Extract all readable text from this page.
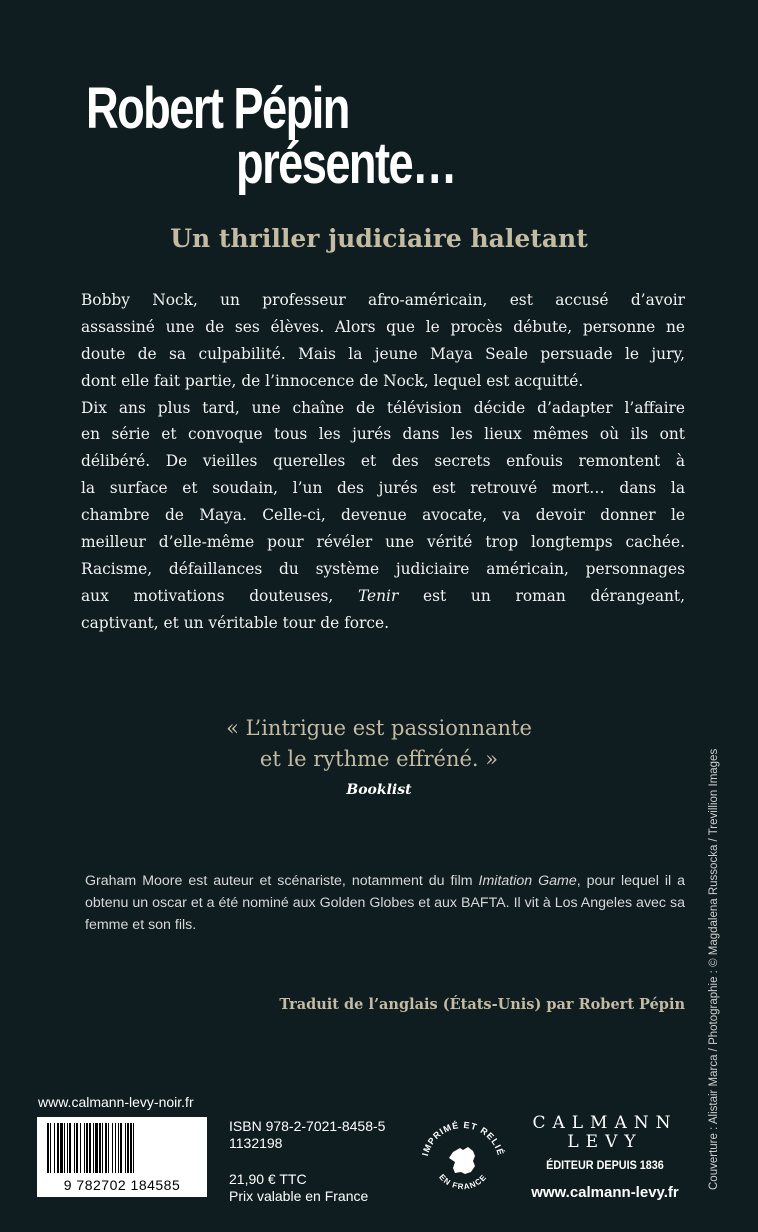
Robert Pépin
présente…
Un thriller judiciaire haletant
Bobby Nock, un professeur afro-américain, est accusé d’avoir
assassiné une de ses élèves. Alors que le procès débute, personne ne
doute de sa culpabilité. Mais la jeune Maya Seale persuade le jury,
dont elle fait partie, de l’innocence de Nock, lequel est acquitté.
Dix ans plus tard, une chaîne de télévision décide d’adapter l’affaire
en série et convoque tous les jurés dans les lieux mêmes où ils ont
délibéré. De vieilles querelles et des secrets enfouis remontent à
la surface et soudain, l’un des jurés est retrouvé mort… dans la
chambre de Maya. Celle-ci, devenue avocate, va devoir donner le
meilleur d’elle-même pour révéler une vérité trop longtemps cachée.
Racisme, défaillances du système judiciaire américain, personnages
aux motivations douteuses, Tenir est un roman dérangeant,
captivant, et un véritable tour de force.
« L’intrigue est passionnante
et le rythme effréné. »
Booklist
Graham Moore est auteur et scénariste, notamment du film Imitation Game, pour lequel il a
obtenu un oscar et a été nominé aux Golden Globes et aux BAFTA. Il vit à Los Angeles avec sa
femme et son fils.
Traduit de l’anglais (États-Unis) par Robert Pépin Couverture : Alistair Marca / Photographie : © Magdalena Russocka / Trevillion Images
www.calmann-levy-noir.fr
9 782702 184585
ISBN 978-2-7021-8458-5
1132198
21,90 € TTC
Prix valable en France
IMPRIMÉ ET RELIÉ
EN FRANCE
CALMANN
LEVY
ÉDITEUR DEPUIS 1836
www.calmann-levy.fr
